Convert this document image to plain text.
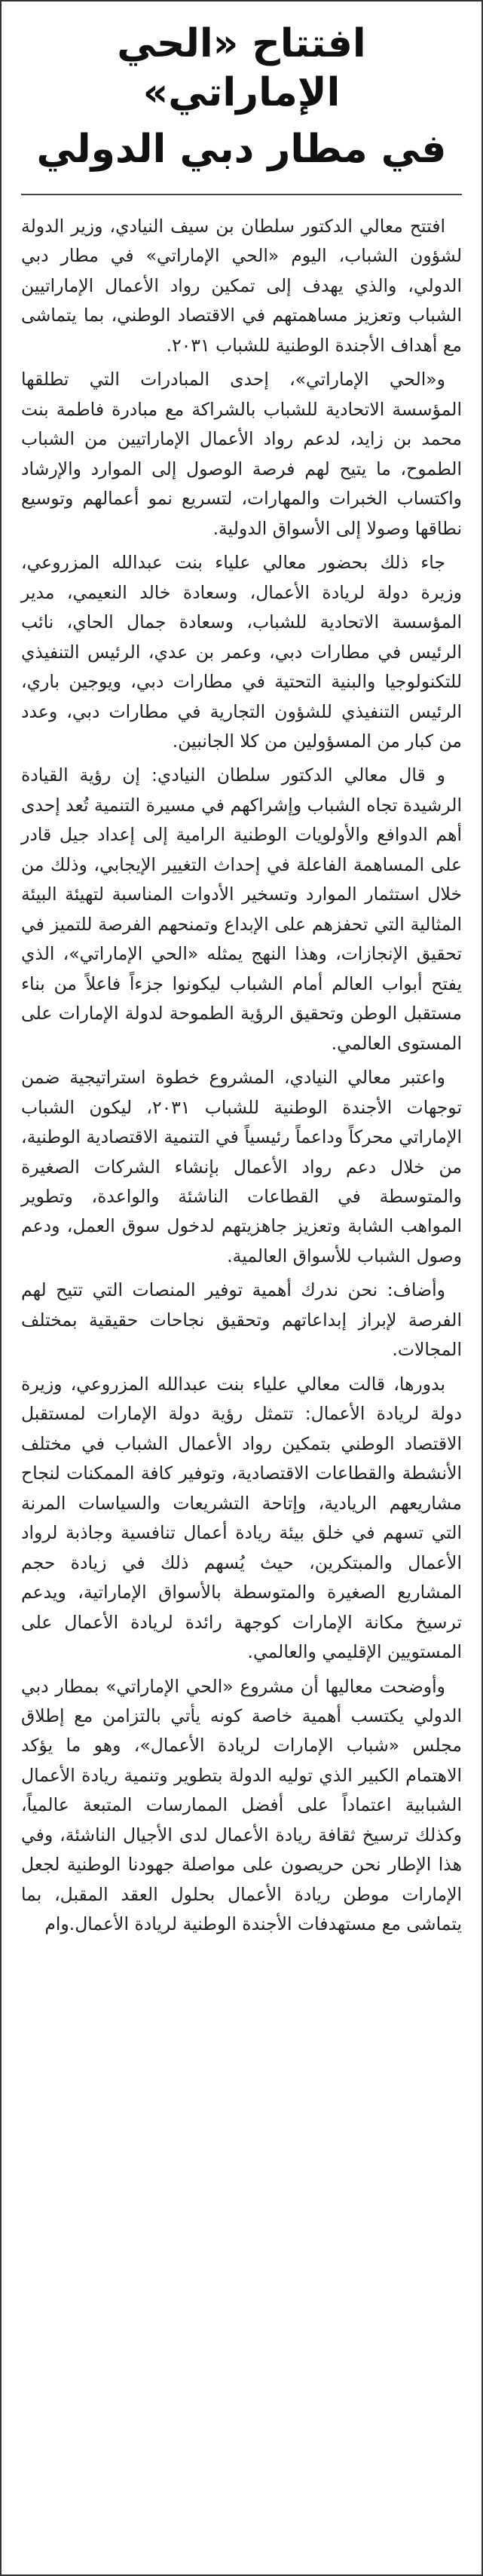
افتتاح «الحي الإماراتي»
في مطار دبي الدولي

افتتح معالي الدكتور سلطان بن سيف النيادي، وزير الدولة لشؤون الشباب، اليوم «الحي الإماراتي» في مطار دبي الدولي، والذي يهدف إلى تمكين رواد الأعمال الإماراتيين الشباب وتعزيز مساهمتهم في الاقتصاد الوطني، بما يتماشى مع أهداف الأجندة الوطنية للشباب ٢٠٣١.

و«الحي الإماراتي»، إحدى المبادرات التي تطلقها المؤسسة الاتحادية للشباب بالشراكة مع مبادرة فاطمة بنت محمد بن زايد، لدعم رواد الأعمال الإماراتيين من الشباب الطموح، ما يتيح لهم فرصة الوصول إلى الموارد والإرشاد واكتساب الخبرات والمهارات، لتسريع نمو أعمالهم وتوسيع نطاقها وصولا إلى الأسواق الدولية.

جاء ذلك بحضور معالي علياء بنت عبدالله المزروعي، وزيرة دولة لريادة الأعمال، وسعادة خالد النعيمي، مدير المؤسسة الاتحادية للشباب، وسعادة جمال الحاي، نائب الرئيس في مطارات دبي، وعمر بن عدي، الرئيس التنفيذي للتكنولوجيا والبنية التحتية في مطارات دبي، ويوجين باري، الرئيس التنفيذي للشؤون التجارية في مطارات دبي، وعدد من كبار من المسؤولين من كلا الجانبين.

و قال معالي الدكتور سلطان النيادي: إن رؤية القيادة الرشيدة تجاه الشباب وإشراكهم في مسيرة التنمية تُعد إحدى أهم الدوافع والأولويات الوطنية الرامية إلى إعداد جيل قادر على المساهمة الفاعلة في إحداث التغيير الإيجابي، وذلك من خلال استثمار الموارد وتسخير الأدوات المناسبة لتهيئة البيئة المثالية التي تحفزهم على الإبداع وتمنحهم الفرصة للتميز في تحقيق الإنجازات، وهذا النهج يمثله «الحي الإماراتي»، الذي يفتح أبواب العالم أمام الشباب ليكونوا جزءاً فاعلاً من بناء مستقبل الوطن وتحقيق الرؤية الطموحة لدولة الإمارات على المستوى العالمي.

واعتبر معالي النيادي، المشروع خطوة استراتيجية ضمن توجهات الأجندة الوطنية للشباب ٢٠٣١، ليكون الشباب الإماراتي محركاً وداعماً رئيسياً في التنمية الاقتصادية الوطنية، من خلال دعم رواد الأعمال بإنشاء الشركات الصغيرة والمتوسطة في القطاعات الناشئة والواعدة، وتطوير المواهب الشابة وتعزيز جاهزيتهم لدخول سوق العمل، ودعم وصول الشباب للأسواق العالمية.

وأضاف: نحن ندرك أهمية توفير المنصات التي تتيح لهم الفرصة لإبراز إبداعاتهم وتحقيق نجاحات حقيقية بمختلف المجالات.

بدورها، قالت معالي علياء بنت عبدالله المزروعي، وزيرة دولة لريادة الأعمال: تتمثل رؤية دولة الإمارات لمستقبل الاقتصاد الوطني بتمكين رواد الأعمال الشباب في مختلف الأنشطة والقطاعات الاقتصادية، وتوفير كافة الممكنات لنجاح مشاريعهم الريادية، وإتاحة التشريعات والسياسات المرنة التي تسهم في خلق بيئة ريادة أعمال تنافسية وجاذبة لرواد الأعمال والمبتكرين، حيث يُسهم ذلك في زيادة حجم المشاريع الصغيرة والمتوسطة بالأسواق الإماراتية، ويدعم ترسيخ مكانة الإمارات كوجهة رائدة لريادة الأعمال على المستويين الإقليمي والعالمي.

وأوضحت معاليها أن مشروع «الحي الإماراتي» بمطار دبي الدولي يكتسب أهمية خاصة كونه يأتي بالتزامن مع إطلاق مجلس «شباب الإمارات لريادة الأعمال»، وهو ما يؤكد الاهتمام الكبير الذي توليه الدولة بتطوير وتنمية ريادة الأعمال الشبابية اعتماداً على أفضل الممارسات المتبعة عالمياً، وكذلك ترسيخ ثقافة ريادة الأعمال لدى الأجيال الناشئة، وفي هذا الإطار نحن حريصون على مواصلة جهودنا الوطنية لجعل الإمارات موطن ريادة الأعمال بحلول العقد المقبل، بما يتماشى مع مستهدفات الأجندة الوطنية لريادة الأعمال.وام
